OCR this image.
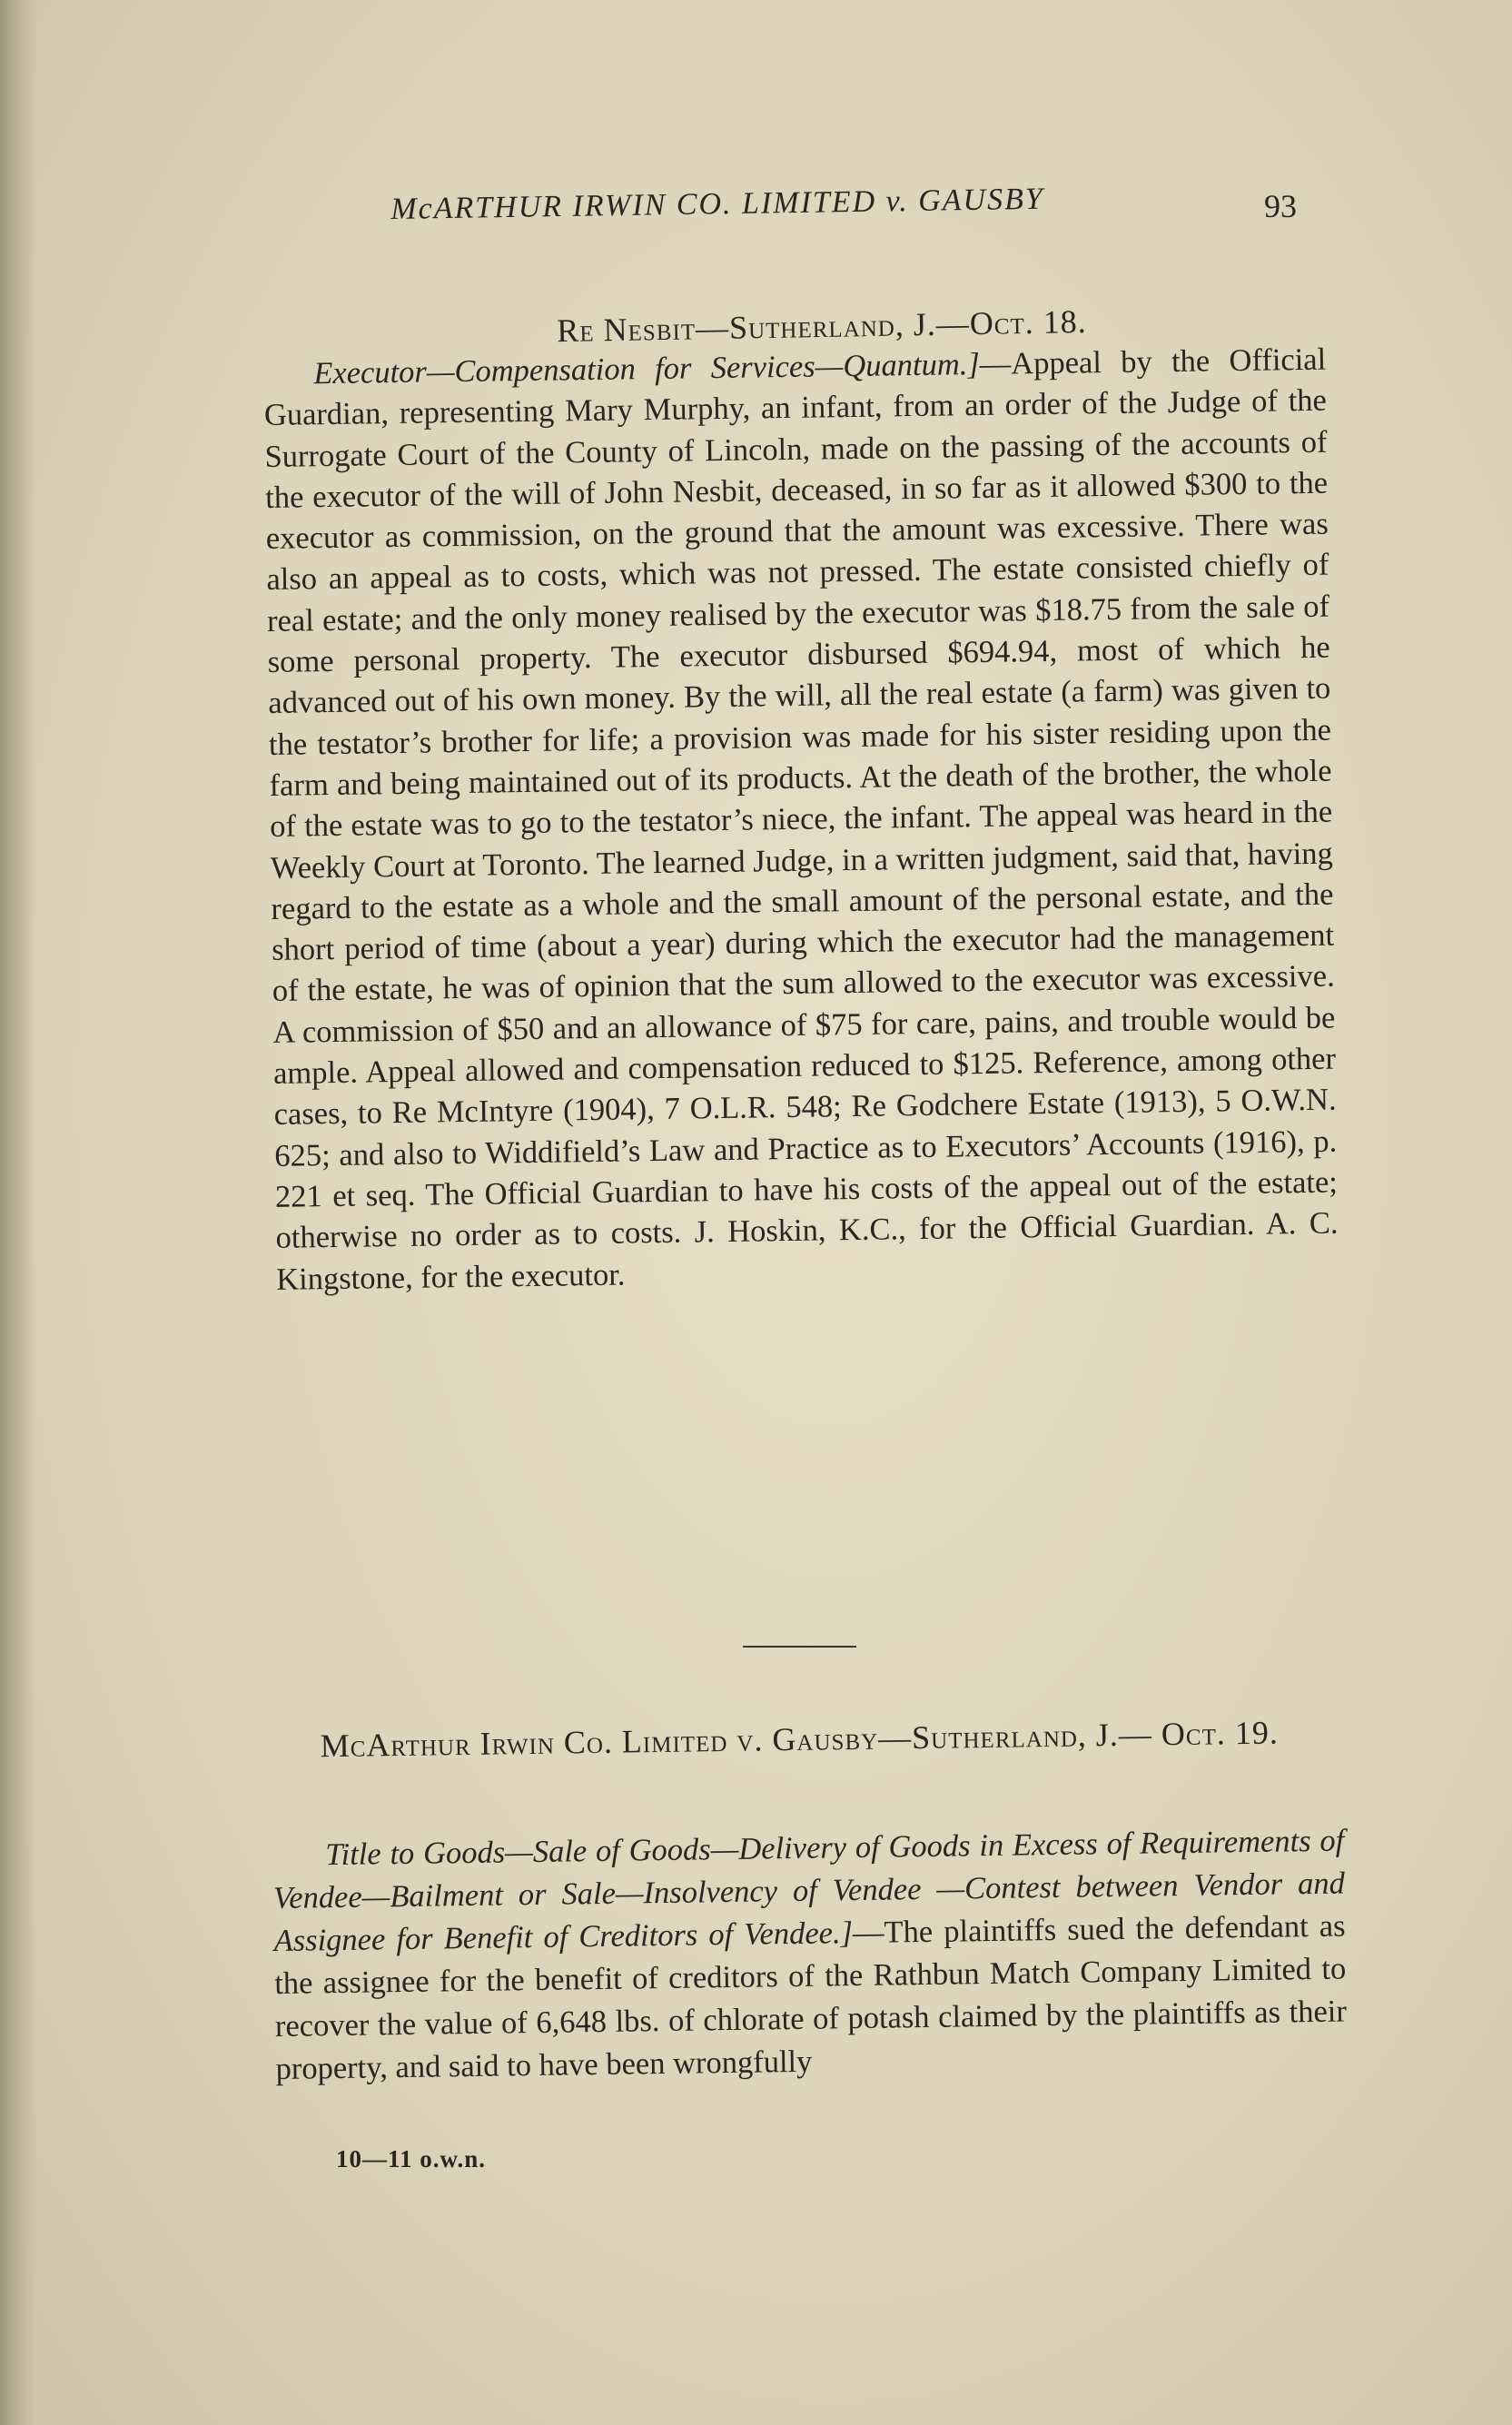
McARTHUR IRWIN CO. LIMITED v. GAUSBY	93
Re Nesbit—Sutherland, J.—Oct. 18.
Executor—Compensation for Services—Quantum.]—Appeal by the Official Guardian, representing Mary Murphy, an infant, from an order of the Judge of the Surrogate Court of the County of Lincoln, made on the passing of the accounts of the executor of the will of John Nesbit, deceased, in so far as it allowed $300 to the executor as commission, on the ground that the amount was excessive. There was also an appeal as to costs, which was not pressed. The estate consisted chiefly of real estate; and the only money realised by the executor was $18.75 from the sale of some personal property. The executor disbursed $694.94, most of which he advanced out of his own money. By the will, all the real estate (a farm) was given to the testator’s brother for life; a provision was made for his sister residing upon the farm and being maintained out of its products. At the death of the brother, the whole of the estate was to go to the testator’s niece, the infant. The appeal was heard in the Weekly Court at Toronto. The learned Judge, in a written judgment, said that, having regard to the estate as a whole and the small amount of the personal estate, and the short period of time (about a year) during which the executor had the management of the estate, he was of opinion that the sum allowed to the executor was excessive. A commission of $50 and an allowance of $75 for care, pains, and trouble would be ample. Appeal allowed and compensation reduced to $125. Reference, among other cases, to Re McIntyre (1904), 7 O.L.R. 548; Re Godchere Estate (1913), 5 O.W.N. 625; and also to Widdifield’s Law and Practice as to Executors’ Accounts (1916), p. 221 et seq. The Official Guardian to have his costs of the appeal out of the estate; otherwise no order as to costs. J. Hoskin, K.C., for the Official Guardian. A. C. Kingstone, for the executor.
McArthur Irwin Co. Limited v. Gausby—Sutherland, J.— Oct. 19.
Title to Goods—Sale of Goods—Delivery of Goods in Excess of Requirements of Vendee—Bailment or Sale—Insolvency of Vendee —Contest between Vendor and Assignee for Benefit of Creditors of Vendee.]—The plaintiffs sued the defendant as the assignee for the benefit of creditors of the Rathbun Match Company Limited to recover the value of 6,648 lbs. of chlorate of potash claimed by the plaintiffs as their property, and said to have been wrongfully
10—11 o.w.n.
